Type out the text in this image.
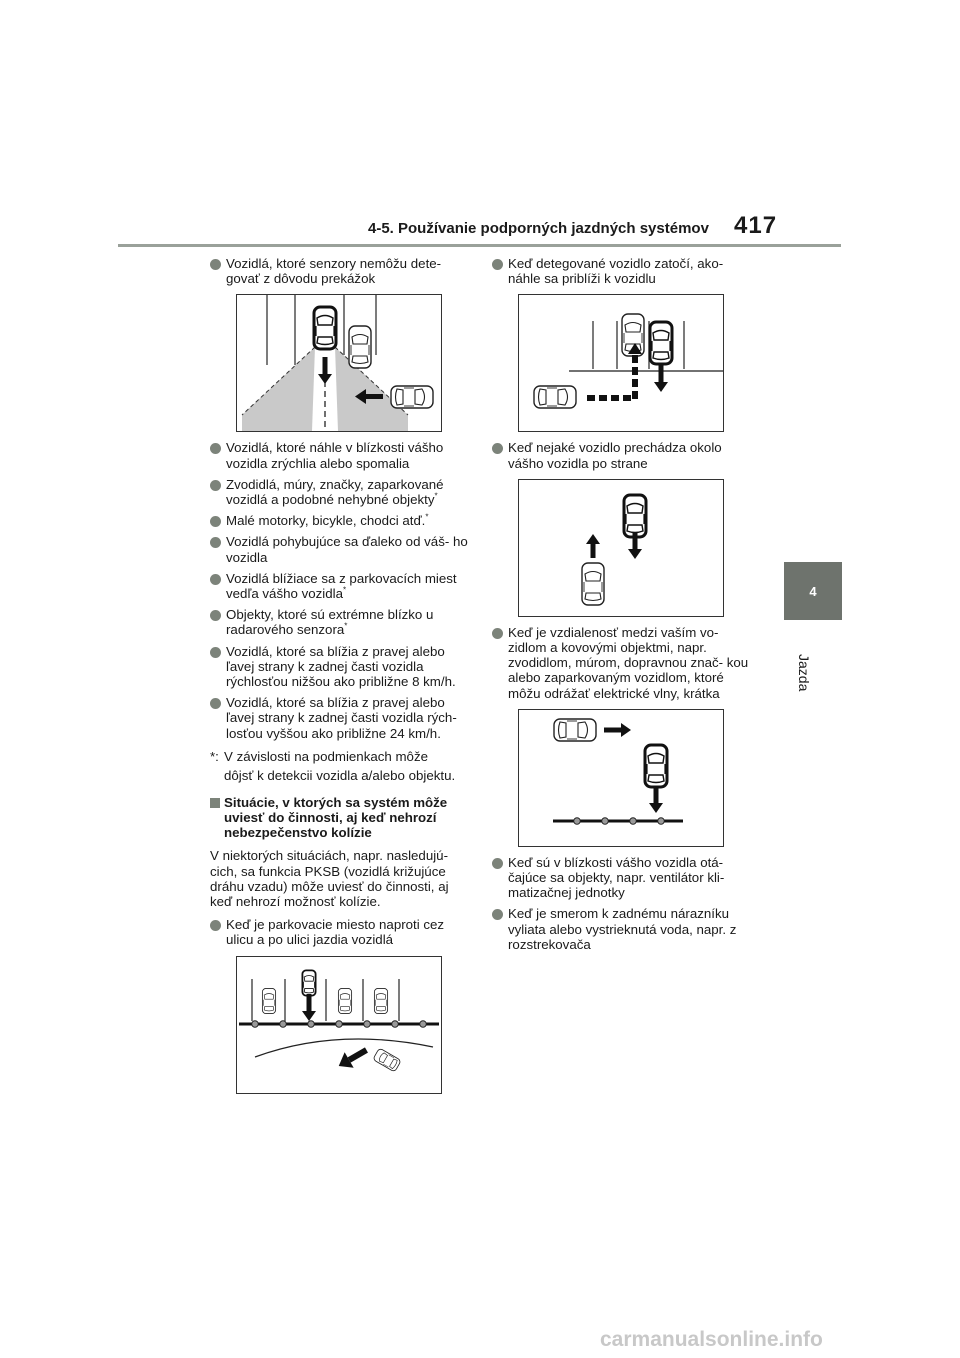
4-5. Používanie podporných jazdných systémov 417
4
Jazda
Vozidlá, ktoré senzory nemôžu dete- govať z dôvodu prekážok
Vozidlá, ktoré náhle v blízkosti vášho vozidla zrýchlia alebo spomalia
Zvodidlá, múry, značky, zaparkované vozidlá a podobné nehybné objekty*
Malé motorky, bicykle, chodci atď.*
Vozidlá pohybujúce sa ďaleko od váš- ho vozidla
Vozidlá blížiace sa z parkovacích miest vedľa vášho vozidla*
Objekty, ktoré sú extrémne blízko u radarového senzora*
Vozidlá, ktoré sa blížia z pravej alebo ľavej strany k zadnej časti vozidla rýchlosťou nižšou ako približne 8 km/h.
Vozidlá, ktoré sa blížia z pravej alebo ľavej strany k zadnej časti vozidla rých- losťou vyššou ako približne 24 km/h.
*: V závislosti na podmienkach môže
dôjsť k detekcii vozidla a/alebo objektu.
Situácie, v ktorých sa systém môže uviesť do činnosti, aj keď nehrozí nebezpečenstvo kolízie
V niektorých situáciách, napr. nasledujú- cich, sa funkcia PKSB (vozidlá križujúce dráhu vzadu) môže uviesť do činnosti, aj keď nehrozí možnosť kolízie.
Keď je parkovacie miesto naproti cez ulicu a po ulici jazdia vozidlá
Keď detegované vozidlo zatočí, ako- náhle sa priblíži k vozidlu
Keď nejaké vozidlo prechádza okolo vášho vozidla po strane
Keď je vzdialenosť medzi vaším vo- zidlom a kovovými objektmi, napr. zvodidlom, múrom, dopravnou znač- kou alebo zaparkovaným vozidlom, ktoré môžu odrážať elektrické vlny, krátka
Keď sú v blízkosti vášho vozidla otá- čajúce sa objekty, napr. ventilátor kli- matizačnej jednotky
Keď je smerom k zadnému nárazníku vyliata alebo vystrieknutá voda, napr. z rozstrekovača
carmanualsonline.info
